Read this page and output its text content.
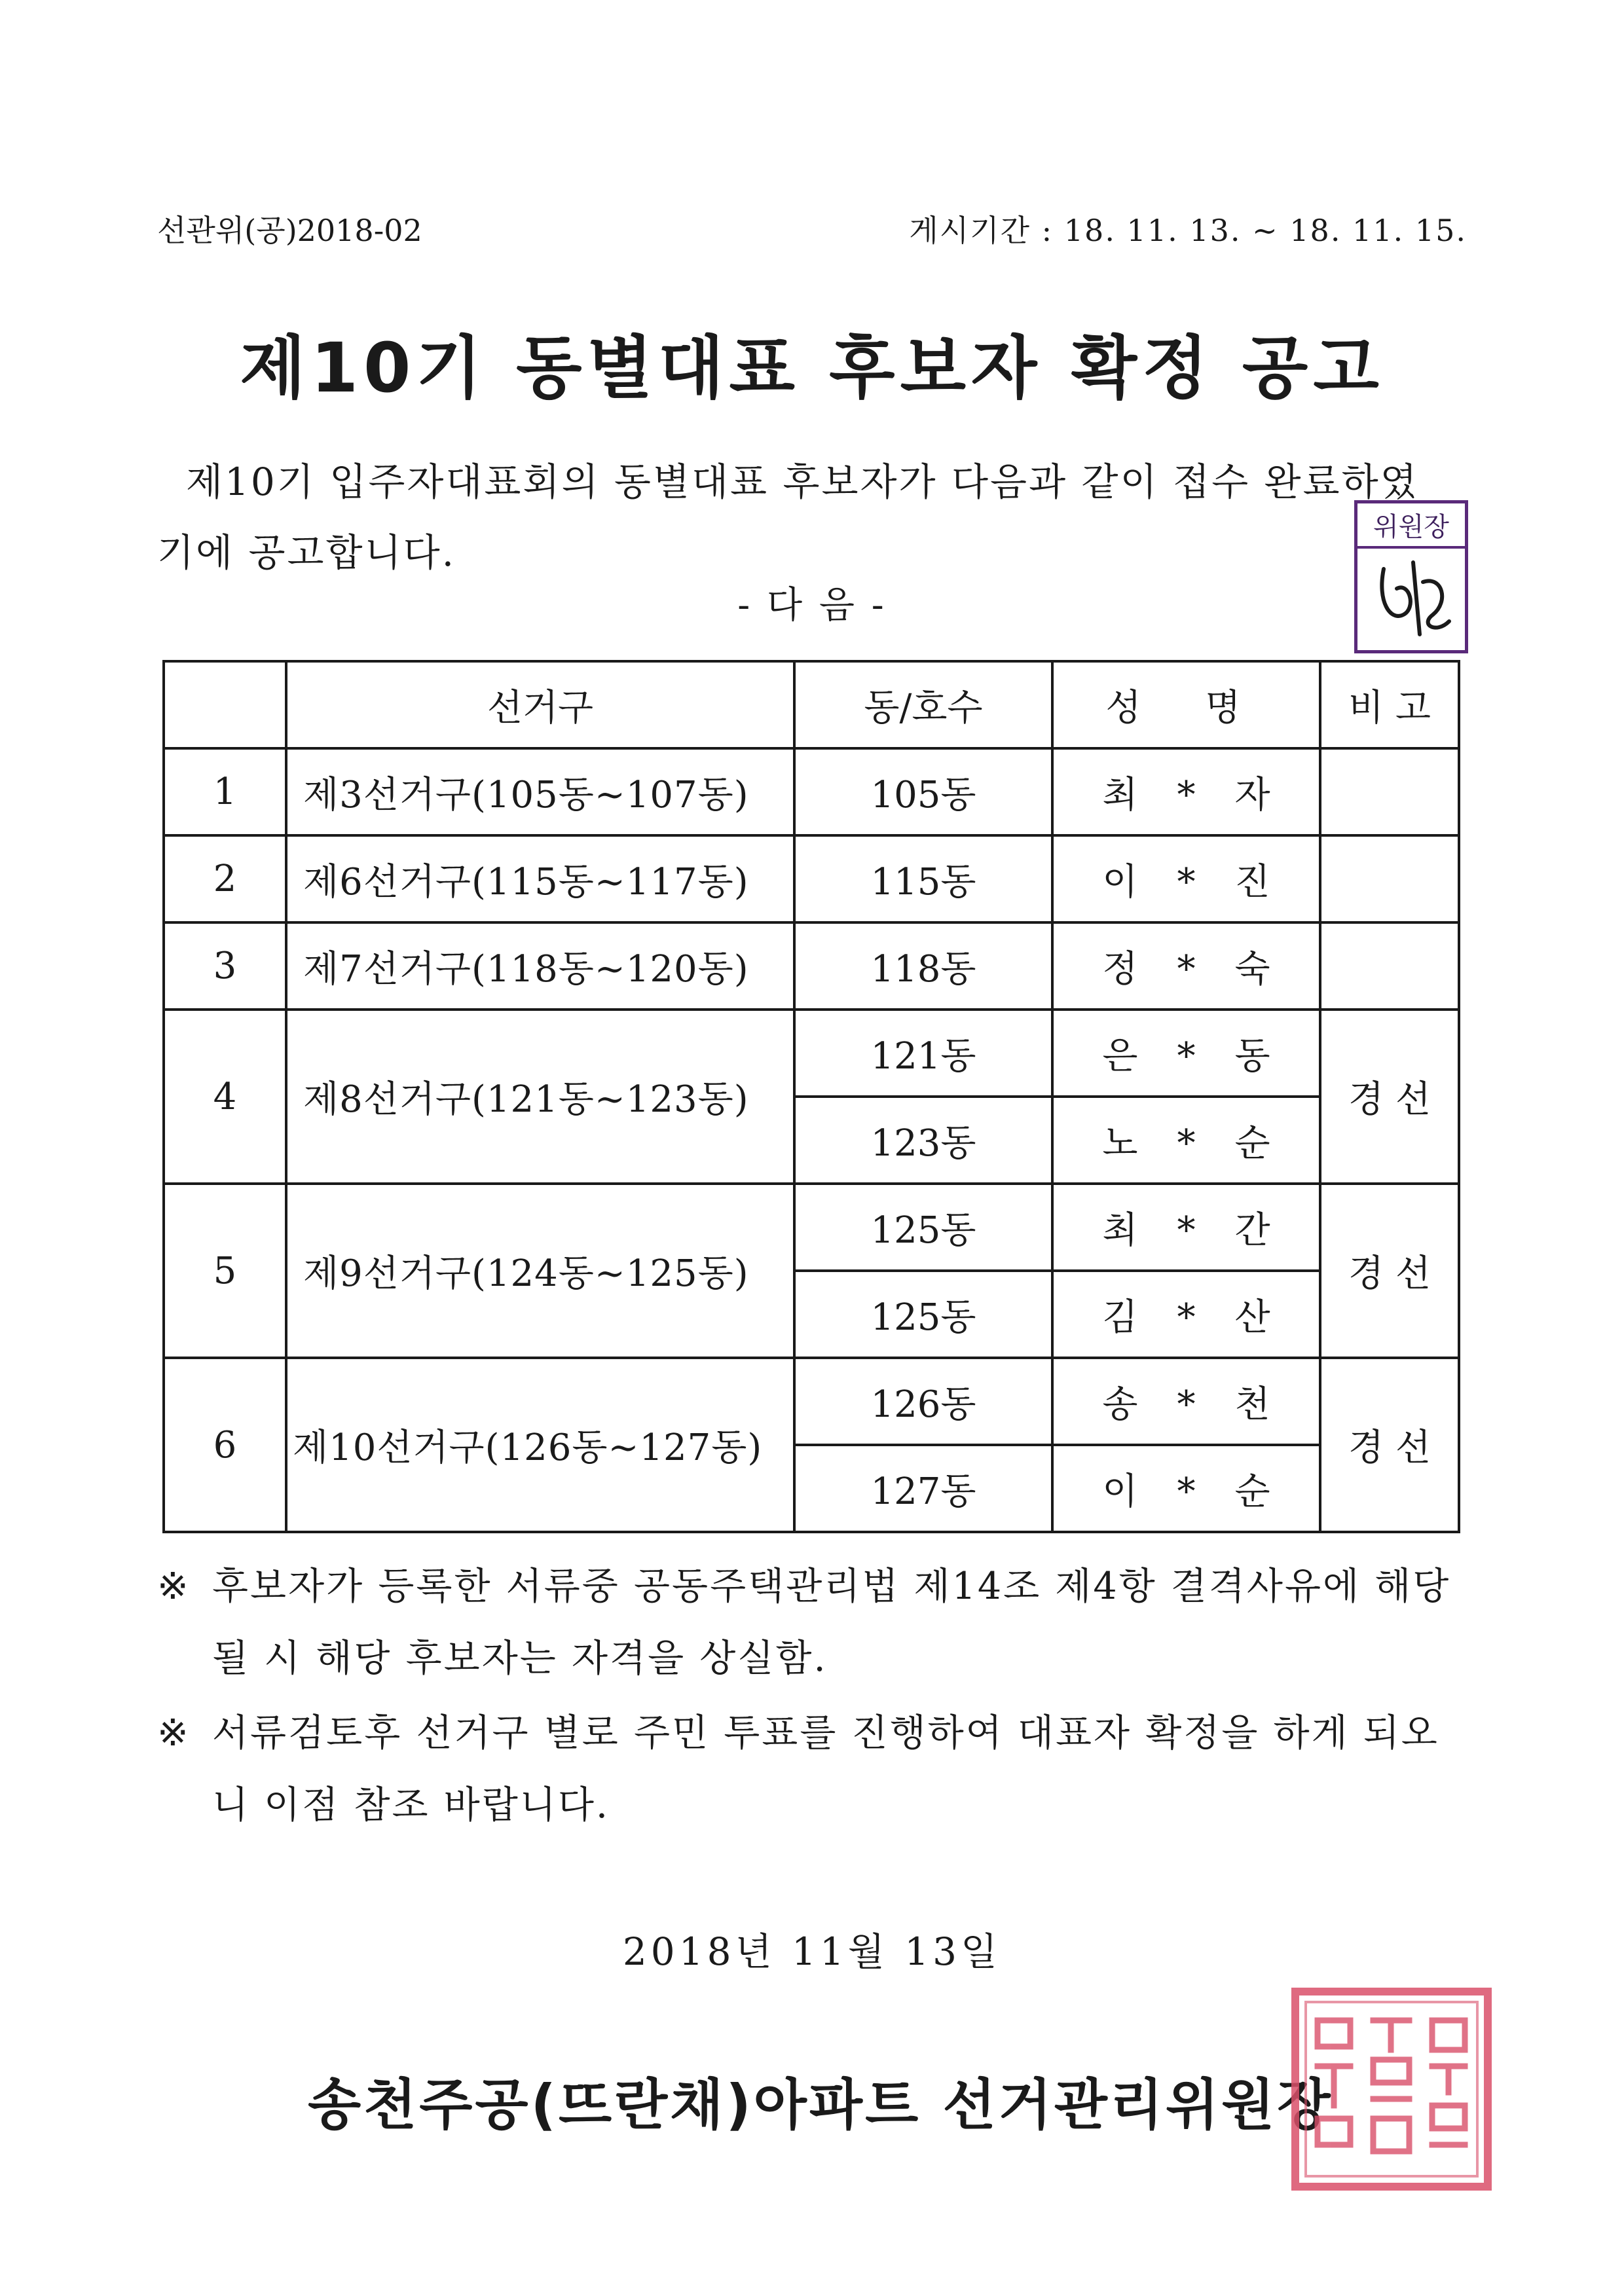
선관위(공)2018-02	게시기간 : 18. 11. 13. ~ 18. 11. 15.
제10기 동별대표 후보자 확정 공고
제10기 입주자대표회의 동별대표 후보자가 다음과 같이 접수 완료하였
기에 공고합니다.
위원장
- 다 음 -
	선거구	동/호수	성 명	비 고
1	제3선거구(105동~107동)	105동	최*자	
2	제6선거구(115동~117동)	115동	이*진	
3	제7선거구(118동~120동)	118동	정*숙	
4	제8선거구(121동~123동)	121동	은*동	경 선
		123동	노*순	
5	제9선거구(124동~125동)	125동	최*간	경 선
		125동	김*산	
6	제10선거구(126동~127동)	126동	송*천	경 선
		127동	이*순	
※ 후보자가 등록한 서류중 공동주택관리법 제14조 제4항 결격사유에 해당될 시 해당 후보자는 자격을 상실함.
※ 서류검토후 선거구 별로 주민 투표를 진행하여 대표자 확정을 하게 되오니 이점 참조 바랍니다.
2018년 11월 13일
송천주공(뜨란채)아파트 선거관리위원장
